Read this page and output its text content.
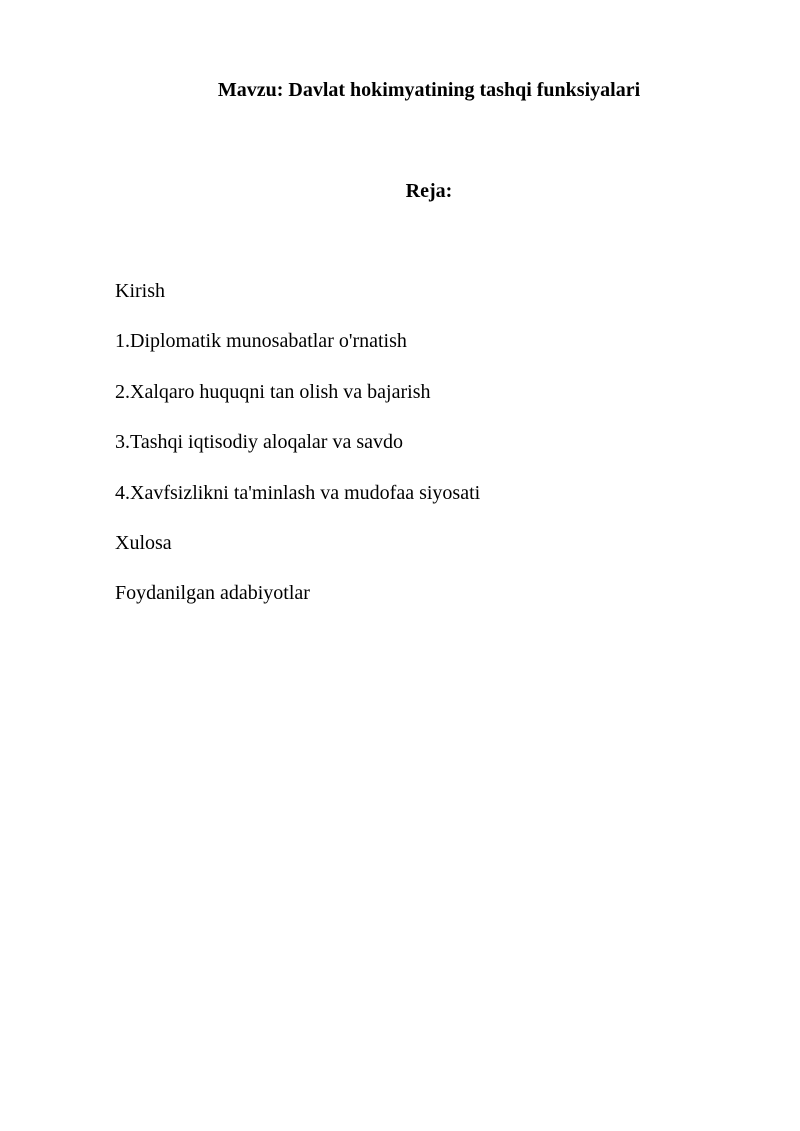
Mavzu: Davlat hokimyatining tashqi funksiyalari
Reja:
Kirish
1.Diplomatik munosabatlar o'rnatish
2.Xalqaro huquqni tan olish va bajarish
3.Tashqi iqtisodiy aloqalar va savdo
4.Xavfsizlikni ta'minlash va mudofaa siyosati
Xulosa
Foydanilgan adabiyotlar
